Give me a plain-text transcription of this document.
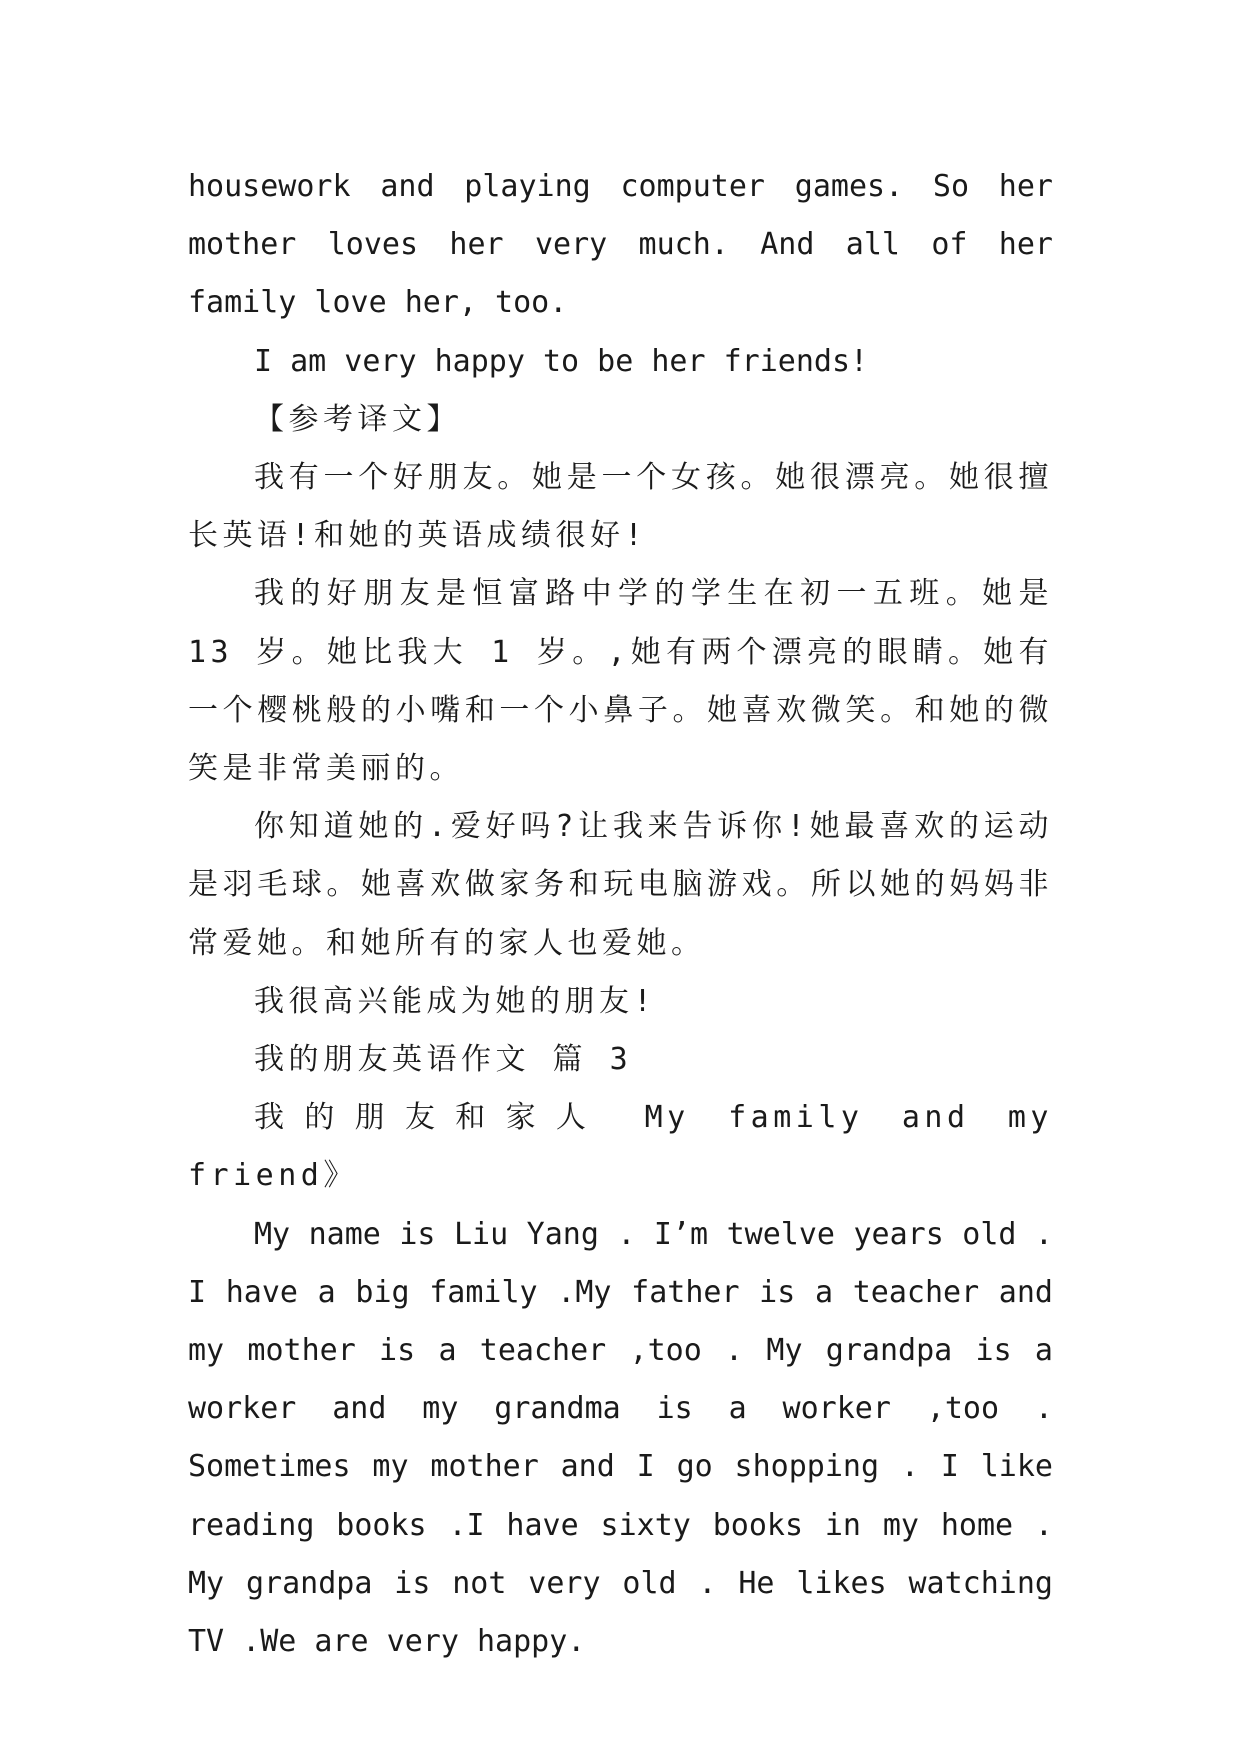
housework and playing computer games. So her mother loves her very much. And all of her family love her, too.

I am very happy to be her friends!

【参考译文】

我有一个好朋友。她是一个女孩。她很漂亮。她很擅长英语!和她的英语成绩很好!

我的好朋友是恒富路中学的学生在初一五班。她是 13 岁。她比我大 1 岁。,她有两个漂亮的眼睛。她有一个樱桃般的小嘴和一个小鼻子。她喜欢微笑。和她的微笑是非常美丽的。

你知道她的.爱好吗?让我来告诉你!她最喜欢的运动是羽毛球。她喜欢做家务和玩电脑游戏。所以她的妈妈非常爱她。和她所有的家人也爱她。

我很高兴能成为她的朋友!

我的朋友英语作文 篇 3

我的朋友和家人 My family and my friend》

My name is Liu Yang . I’m twelve years old . I have a big family .My father is a teacher and my mother is a teacher ,too . My grandpa is a worker and my grandma is a worker ,too . Sometimes my mother and I go shopping . I like reading books .I have sixty books in my home . My grandpa is not very old . He likes watching TV .We are very happy.
